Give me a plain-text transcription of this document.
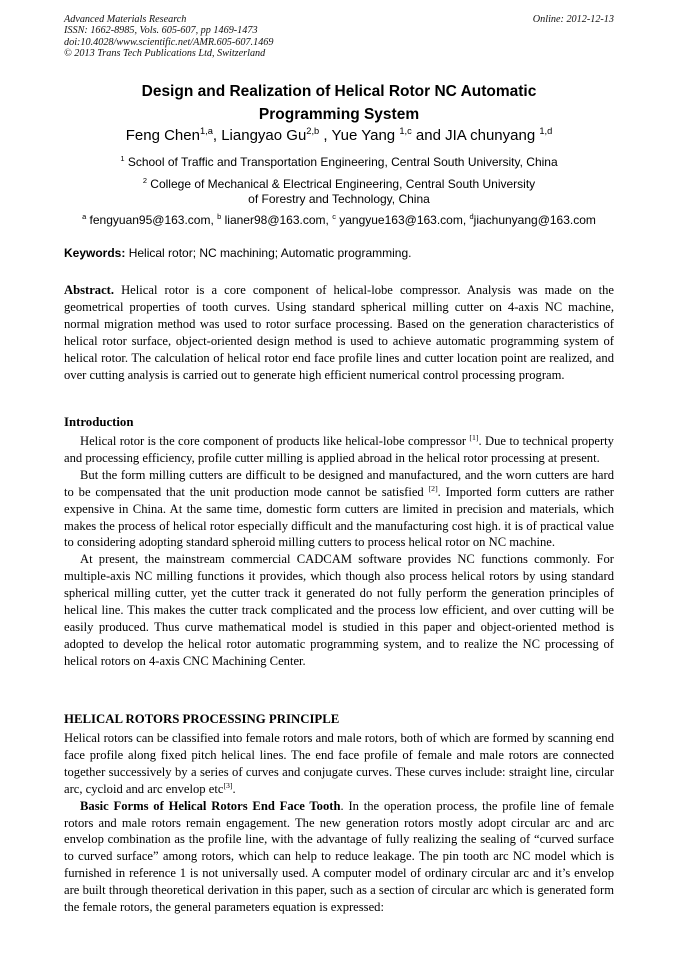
Advanced Materials Research
ISSN: 1662-8985, Vols. 605-607, pp 1469-1473
doi:10.4028/www.scientific.net/AMR.605-607.1469
© 2013 Trans Tech Publications Ltd, Switzerland
Online: 2012-12-13
Design and Realization of Helical Rotor NC Automatic
Programming System
Feng Chen$^{1,a}$, Liangyao Gu$^{2,b}$ , Yue Yang $^{1,c}$ and JIA chunyang $^{1,d}$
$^1$ School of Traffic and Transportation Engineering, Central South University, China
$^2$ College of Mechanical & Electrical Engineering, Central South University
of Forestry and Technology, China
$^a$ fengyuan95@163.com, $^b$ lianer98@163.com, $^c$ yangyue163@163.com, $^d$jiachunyang@163.com
Keywords: Helical rotor; NC machining; Automatic programming.

Abstract. Helical rotor is a core component of helical-lobe compressor. Analysis was made on the geometrical properties of tooth curves. Using standard spherical milling cutter on 4-axis NC machine, normal migration method was used to rotor surface processing. Based on the generation characteristics of helical rotor surface, object-oriented design method is used to achieve automatic programming system of helical rotor. The calculation of helical rotor end face profile lines and cutter location point are realized, and over cutting analysis is carried out to generate high efficient numerical control processing program.

Introduction

Helical rotor is the core component of products like helical-lobe compressor [1]. Due to technical property and processing efficiency, profile cutter milling is applied abroad in the helical rotor processing at present.

But the form milling cutters are difficult to be designed and manufactured, and the worn cutters are hard to be compensated that the unit production mode cannot be satisfied [2]. Imported form cutters are rather expensive in China. At the same time, domestic form cutters are limited in precision and materials, which makes the process of helical rotor especially difficult and the manufacturing cost high. it is of practical value to considering adopting standard spheroid milling cutters to process helical rotor on NC machine.

At present, the mainstream commercial CADCAM software provides NC functions commonly. For multiple-axis NC milling functions it provides, which though also process helical rotors by using standard spherical milling cutter, yet the cutter track it generated do not fully perform the generation principles of helical line. This makes the cutter track complicated and the process low efficient, and over cutting will be easily produced. Thus curve mathematical model is studied in this paper and object-oriented method is adopted to develop the helical rotor automatic programming system, and to realize the NC processing of helical rotors on 4-axis CNC Machining Center.

HELICAL ROTORS PROCESSING PRINCIPLE

Helical rotors can be classified into female rotors and male rotors, both of which are formed by scanning end face profile along fixed pitch helical lines. The end face profile of female and male rotors are connected together successively by a series of curves and conjugate curves. These curves include: straight line, circular arc, cycloid and arc envelop etc[3].

Basic Forms of Helical Rotors End Face Tooth. In the operation process, the profile line of female rotors and male rotors remain engagement. The new generation rotors mostly adopt circular arc and arc envelop combination as the profile line, with the advantage of fully realizing the sealing of “curved surface to curved surface” among rotors, which can help to reduce leakage. The pin tooth arc NC model which is furnished in reference 1 is not universally used. A computer model of ordinary circular arc and it’s envelop are built through theoretical derivation in this paper, such as a section of circular arc which is generated form the female rotors, the general parameters equation is expressed:
